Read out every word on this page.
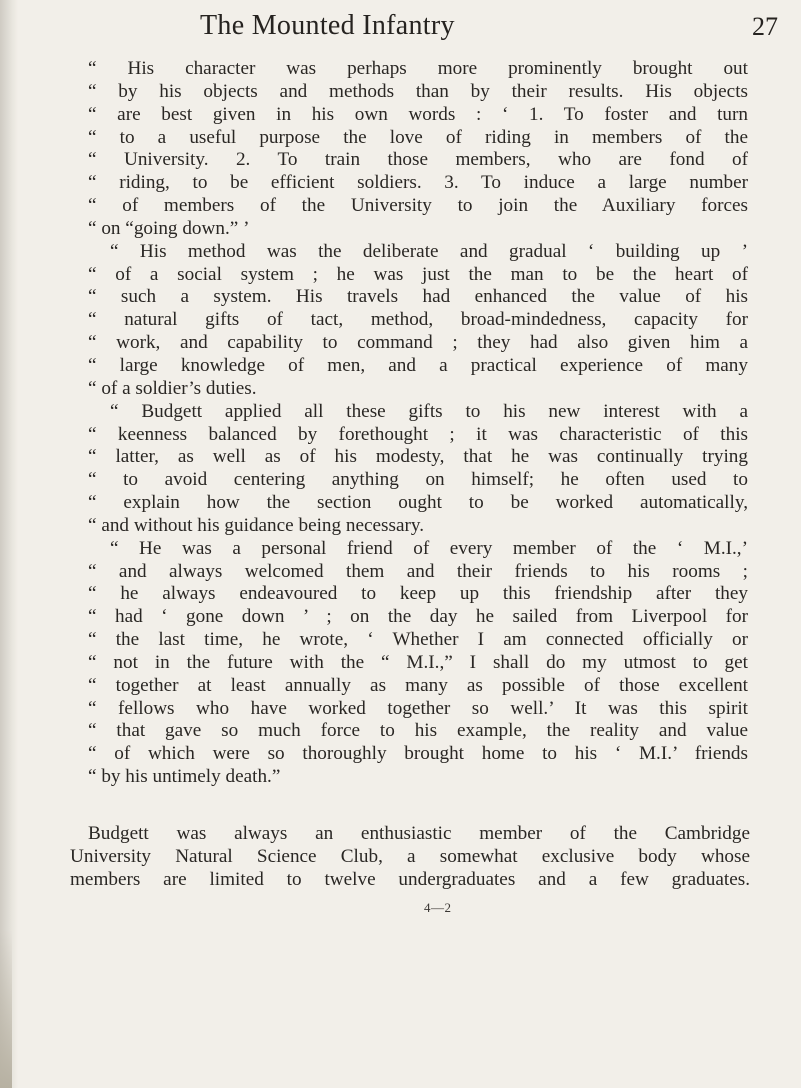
The Mounted Infantry	27
“ His character was perhaps more prominently brought out
“ by his objects and methods than by their results. His objects
“ are best given in his own words : ‘ 1. To foster and turn
“ to a useful purpose the love of riding in members of the
“ University. 2. To train those members, who are fond of
“ riding, to be efficient soldiers. 3. To induce a large number
“ of members of the University to join the Auxiliary forces
“ on “going down.” ’
“ His method was the deliberate and gradual ‘ building up ’
“ of a social system ; he was just the man to be the heart of
“ such a system. His travels had enhanced the value of his
“ natural gifts of tact, method, broad-mindedness, capacity for
“ work, and capability to command ; they had also given him a
“ large knowledge of men, and a practical experience of many
“ of a soldier’s duties.
“ Budgett applied all these gifts to his new interest with a
“ keenness balanced by forethought ; it was characteristic of this
“ latter, as well as of his modesty, that he was continually trying
“ to avoid centering anything on himself; he often used to
“ explain how the section ought to be worked automatically,
“ and without his guidance being necessary.
“ He was a personal friend of every member of the ‘ M.I.,’
“ and always welcomed them and their friends to his rooms ;
“ he always endeavoured to keep up this friendship after they
“ had ‘ gone down ’ ; on the day he sailed from Liverpool for
“ the last time, he wrote, ‘ Whether I am connected officially or
“ not in the future with the “ M.I.,” I shall do my utmost to get
“ together at least annually as many as possible of those excellent
“ fellows who have worked together so well.’ It was this spirit
“ that gave so much force to his example, the reality and value
“ of which were so thoroughly brought home to his ‘ M.I.’ friends
“ by his untimely death.”
Budgett was always an enthusiastic member of the Cambridge
University Natural Science Club, a somewhat exclusive body whose
members are limited to twelve undergraduates and a few graduates.
4—2
